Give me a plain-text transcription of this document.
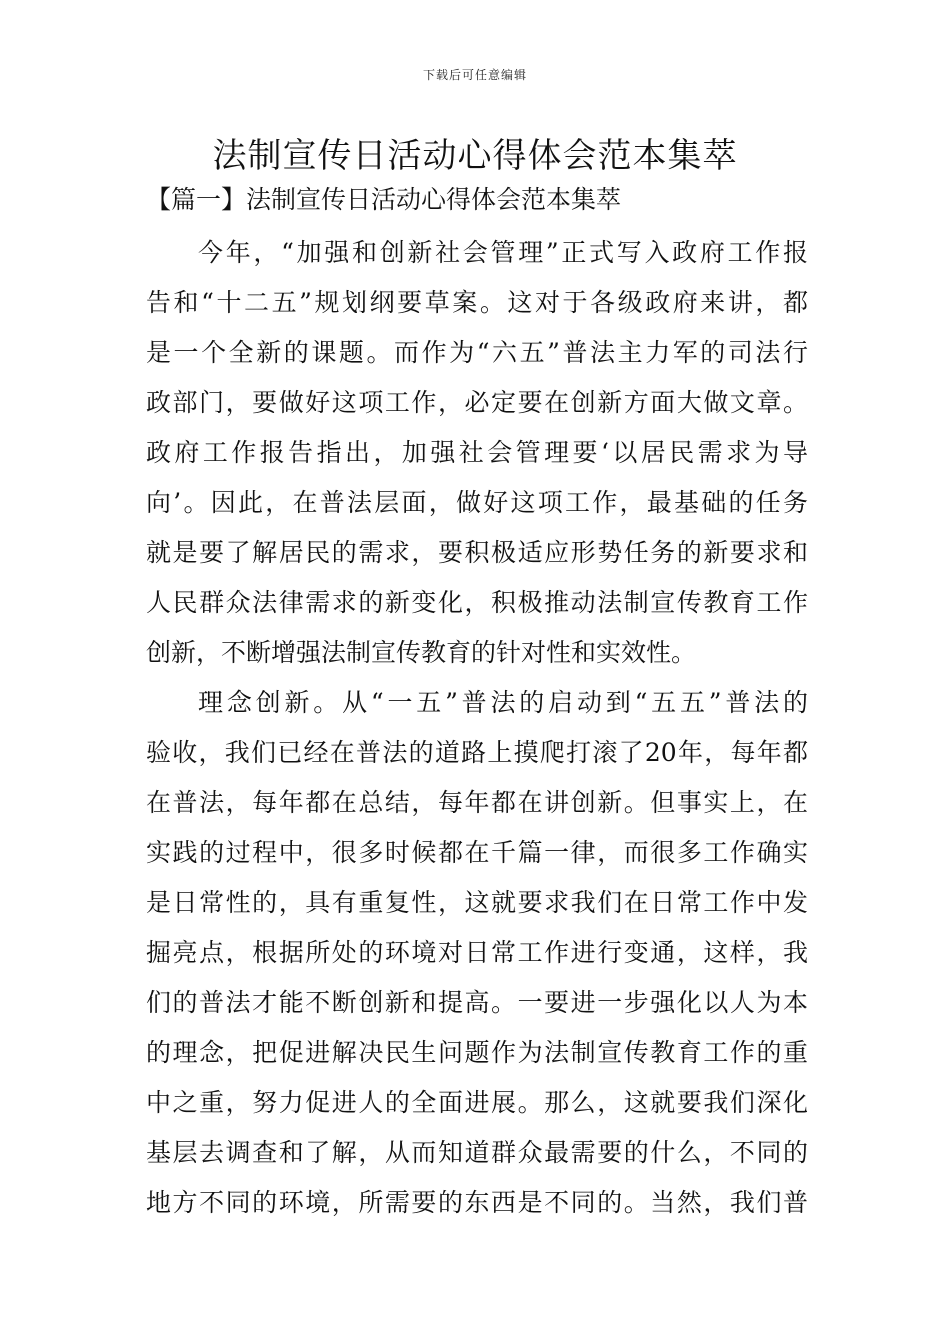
下载后可任意编辑
法制宣传日活动心得体会范本集萃
【篇一】法制宣传日活动心得体会范本集萃
今年，“加强和创新社会管理”正式写入政府工作报
告和“十二五”规划纲要草案。这对于各级政府来讲，都
是一个全新的课题。而作为“六五”普法主力军的司法行
政部门，要做好这项工作，必定要在创新方面大做文章。
政府工作报告指出，加强社会管理要‘以居民需求为导
向’。因此，在普法层面，做好这项工作，最基础的任务
就是要了解居民的需求，要积极适应形势任务的新要求和
人民群众法律需求的新变化，积极推动法制宣传教育工作
创新，不断增强法制宣传教育的针对性和实效性。
理念创新。从“一五”普法的启动到“五五”普法的
验收，我们已经在普法的道路上摸爬打滚了20年，每年都
在普法，每年都在总结，每年都在讲创新。但事实上，在
实践的过程中，很多时候都在千篇一律，而很多工作确实
是日常性的，具有重复性，这就要求我们在日常工作中发
掘亮点，根据所处的环境对日常工作进行变通，这样，我
们的普法才能不断创新和提高。一要进一步强化以人为本
的理念，把促进解决民生问题作为法制宣传教育工作的重
中之重，努力促进人的全面进展。那么，这就要我们深化
基层去调查和了解，从而知道群众最需要的什么，不同的
地方不同的环境，所需要的东西是不同的。当然，我们普
